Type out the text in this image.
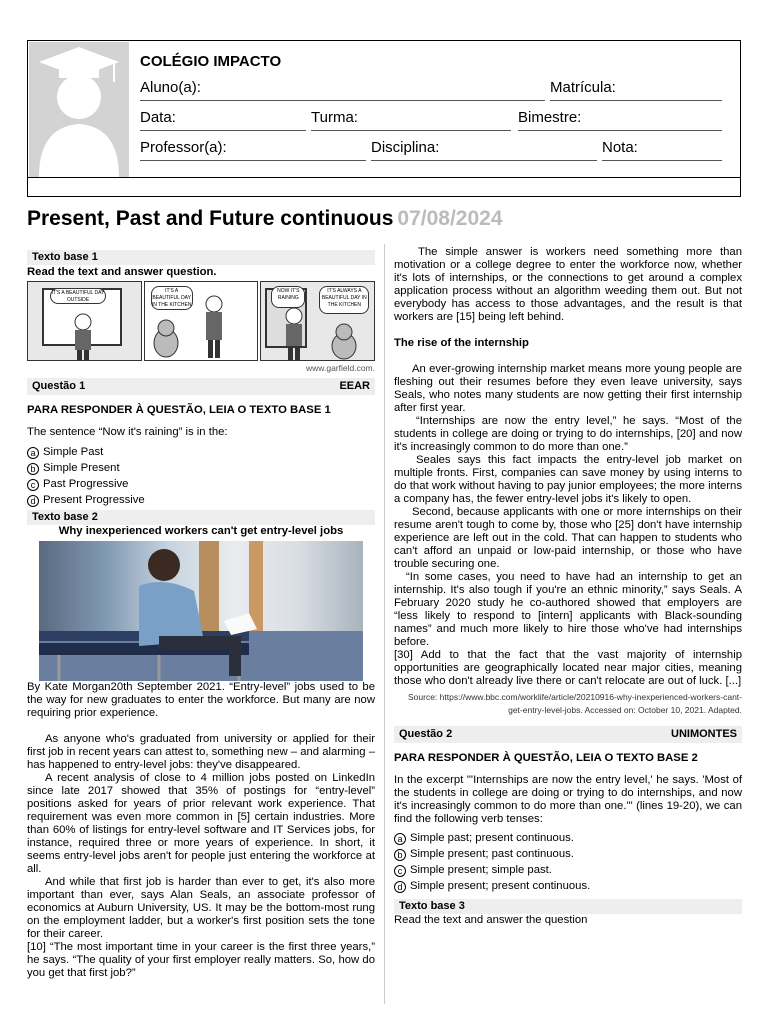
COLÉGIO IMPACTO
Aluno(a):	Matrícula:
Data:	Turma:	Bimestre:
Professor(a):	Disciplina:	Nota:
Present, Past and Future continuous 07/08/2024
Texto base 1
Read the text and answer question.
IT'S A BEAUTIFUL DAY OUTSIDE
IT'S A BEAUTIFUL DAY IN THE KITCHEN
NOW IT'S RAINING
IT'S ALWAYS A BEAUTIFUL DAY IN THE KITCHEN
www.garfield.com.
Questão 1	EEAR
PARA RESPONDER À QUESTÃO, LEIA O TEXTO BASE 1
The sentence “Now it's raining” is in the:
a Simple Past
b Simple Present
c Past Progressive
d Present Progressive
Texto base 2
Why inexperienced workers can't get entry-level jobs
By Kate Morgan20th September 2021. “Entry-level” jobs used to be the way for new graduates to enter the workforce. But many are now requiring prior experience.
As anyone who's graduated from university or applied for their first job in recent years can attest to, something new – and alarming – has happened to entry-level jobs: they've disappeared.
A recent analysis of close to 4 million jobs posted on LinkedIn since late 2017 showed that 35% of postings for “entry-level” positions asked for years of prior relevant work experience. That requirement was even more common in [5] certain industries. More than 60% of listings for entry-level software and IT Services jobs, for instance, required three or more years of experience. In short, it seems entry-level jobs aren't for people just entering the workforce at all.
And while that first job is harder than ever to get, it's also more important than ever, says Alan Seals, an associate professor of economics at Auburn University, US. It may be the bottom-most rung on the employment ladder, but a worker's first position sets the tone for their career.
[10] “The most important time in your career is the first three years,” he says. “The quality of your first employer really matters. So, how do you get that first job?”
The simple answer is workers need something more than motivation or a college degree to enter the workforce now, whether it's lots of internships, or the connections to get around a complex application process without an algorithm weeding them out. But not everybody has access to those advantages, and the result is that workers are [15] being left behind.
The rise of the internship
An ever-growing internship market means more young people are fleshing out their resumes before they even leave university, says Seals, who notes many students are now getting their first internship after first year.
“Internships are now the entry level,” he says. “Most of the students in college are doing or trying to do internships, [20] and now it's increasingly common to do more than one.”
Seales says this fact impacts the entry-level job market on multiple fronts. First, companies can save money by using interns to do that work without having to pay junior employees; the more interns a company has, the fewer entry-level jobs it's likely to open.
Second, because applicants with one or more internships on their resume aren't tough to come by, those who [25] don't have internship experience are left out in the cold. That can happen to students who can't afford an unpaid or low-paid internship, or those who have trouble securing one.
“In some cases, you need to have had an internship to get an internship. It's also tough if you're an ethnic minority,” says Seals. A February 2020 study he co-authored showed that employers are “less likely to respond to [intern] applicants with Black-sounding names” and much more likely to hire those who've had internships before.
[30] Add to that the fact that the vast majority of internship opportunities are geographically located near major cities, meaning those who don't already live there or can't relocate are out of luck. [...]
Source: https://www.bbc.com/worklife/article/20210916-why-inexperienced-workers-cant-get-entry-level-jobs. Accessed on: October 10, 2021. Adapted.
Questão 2	UNIMONTES
PARA RESPONDER À QUESTÃO, LEIA O TEXTO BASE 2
In the excerpt "'Internships are now the entry level,' he says. 'Most of the students in college are doing or trying to do internships, and now it's increasingly common to do more than one.'" (lines 19-20), we can find the following verb tenses:
a Simple past; present continuous.
b Simple present; past continuous.
c Simple present; simple past.
d Simple present; present continuous.
Texto base 3
Read the text and answer the question
